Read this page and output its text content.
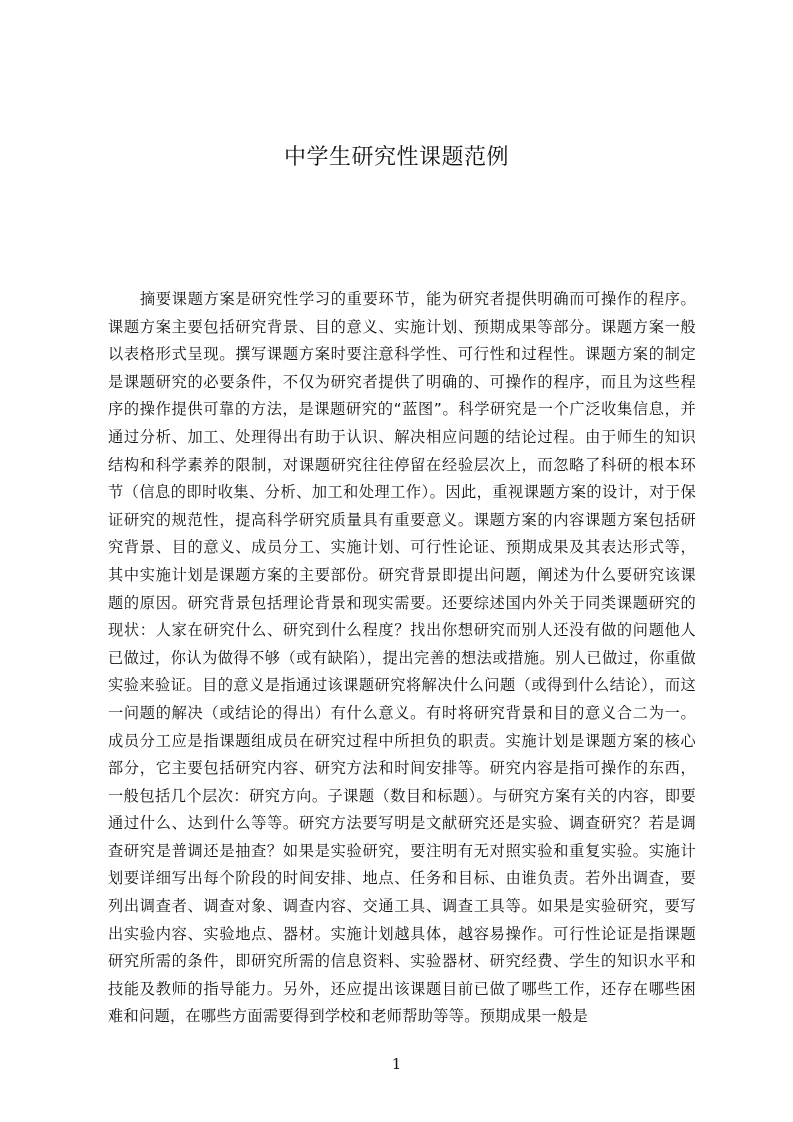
中学生研究性课题范例

摘要课题方案是研究性学习的重要环节，能为研究者提供明确而可操作的程序。课题方案主要包括研究背景、目的意义、实施计划、预期成果等部分。课题方案一般以表格形式呈现。撰写课题方案时要注意科学性、可行性和过程性。课题方案的制定是课题研究的必要条件，不仅为研究者提供了明确的、可操作的程序，而且为这些程序的操作提供可靠的方法，是课题研究的“蓝图”。科学研究是一个广泛收集信息，并通过分析、加工、处理得出有助于认识、解决相应问题的结论过程。由于师生的知识结构和科学素养的限制，对课题研究往往停留在经验层次上，而忽略了科研的根本环节（信息的即时收集、分析、加工和处理工作）。因此，重视课题方案的设计，对于保证研究的规范性，提高科学研究质量具有重要意义。课题方案的内容课题方案包括研究背景、目的意义、成员分工、实施计划、可行性论证、预期成果及其表达形式等，其中实施计划是课题方案的主要部份。研究背景即提出问题，阐述为什么要研究该课题的原因。研究背景包括理论背景和现实需要。还要综述国内外关于同类课题研究的现状：人家在研究什么、研究到什么程度？找出你想研究而别人还没有做的问题他人已做过，你认为做得不够（或有缺陷），提出完善的想法或措施。别人已做过，你重做实验来验证。目的意义是指通过该课题研究将解决什么问题（或得到什么结论），而这一问题的解决（或结论的得出）有什么意义。有时将研究背景和目的意义合二为一。成员分工应是指课题组成员在研究过程中所担负的职责。实施计划是课题方案的核心部分，它主要包括研究内容、研究方法和时间安排等。研究内容是指可操作的东西，一般包括几个层次：研究方向。子课题（数目和标题）。与研究方案有关的内容，即要通过什么、达到什么等等。研究方法要写明是文献研究还是实验、调查研究？若是调查研究是普调还是抽查？如果是实验研究，要注明有无对照实验和重复实验。实施计划要详细写出每个阶段的时间安排、地点、任务和目标、由谁负责。若外出调查，要列出调查者、调查对象、调查内容、交通工具、调查工具等。如果是实验研究，要写出实验内容、实验地点、器材。实施计划越具体，越容易操作。可行性论证是指课题研究所需的条件，即研究所需的信息资料、实验器材、研究经费、学生的知识水平和技能及教师的指导能力。另外，还应提出该课题目前已做了哪些工作，还存在哪些困难和问题，在哪些方面需要得到学校和老师帮助等等。预期成果一般是

1
